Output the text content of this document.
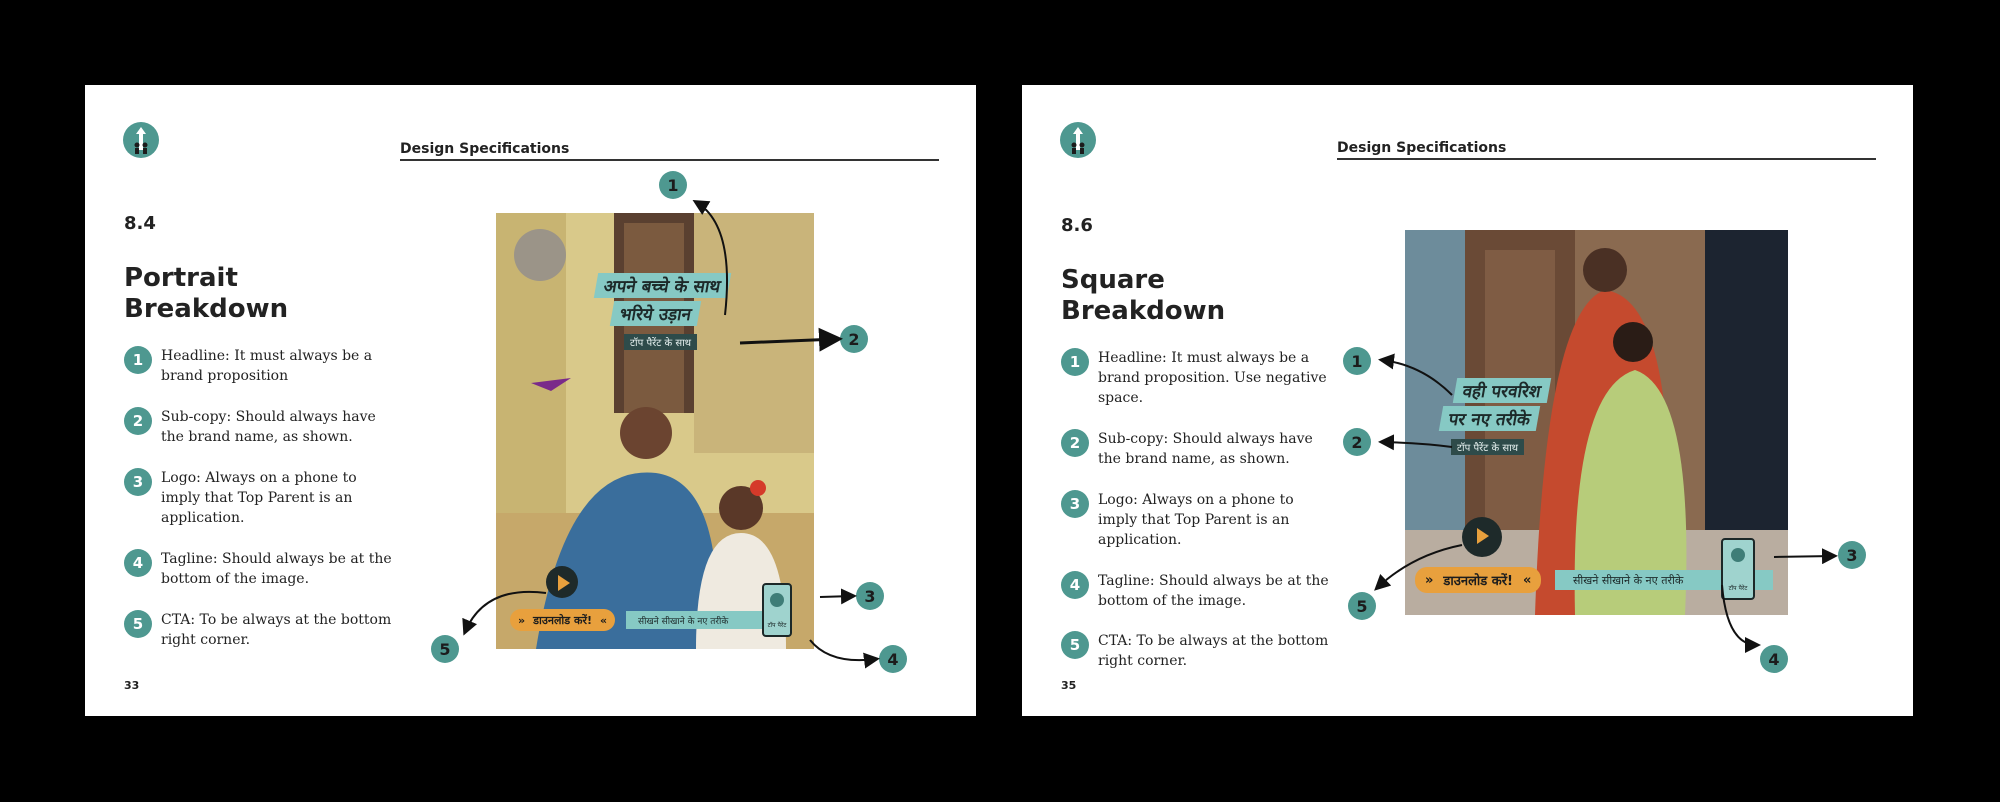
Design Specifications
8.4
Portrait
Breakdown
1	Headline: It must always be a brand proposition
2	Sub-copy: Should always have the brand name, as shown.
3	Logo: Always on a phone to imply that Top Parent is an application.
4	Tagline: Should always be at the bottom of the image.
5	CTA: To be always at the bottom right corner.
33
अपने बच्चे के साथ
भरिये उड़ान
टॉप पैरेंट के साथ
» डाउनलोड करें! «	सीखने सीखाने के नए तरीके	टॉप पैरेंट
1
2
3
4
5
Design Specifications
8.6
Square
Breakdown
1	Headline: It must always be a brand proposition. Use negative space.
2	Sub-copy: Should always have the brand name, as shown.
3	Logo: Always on a phone to imply that Top Parent is an application.
4	Tagline: Should always be at the bottom of the image.
5	CTA: To be always at the bottom right corner.
35
वही परवरिश
पर नए तरीके
टॉप पैरेंट के साथ
» डाउनलोड करें! «	सीखने सीखाने के नए तरीके
टॉप पैरेंट
1
2
3
4
5
